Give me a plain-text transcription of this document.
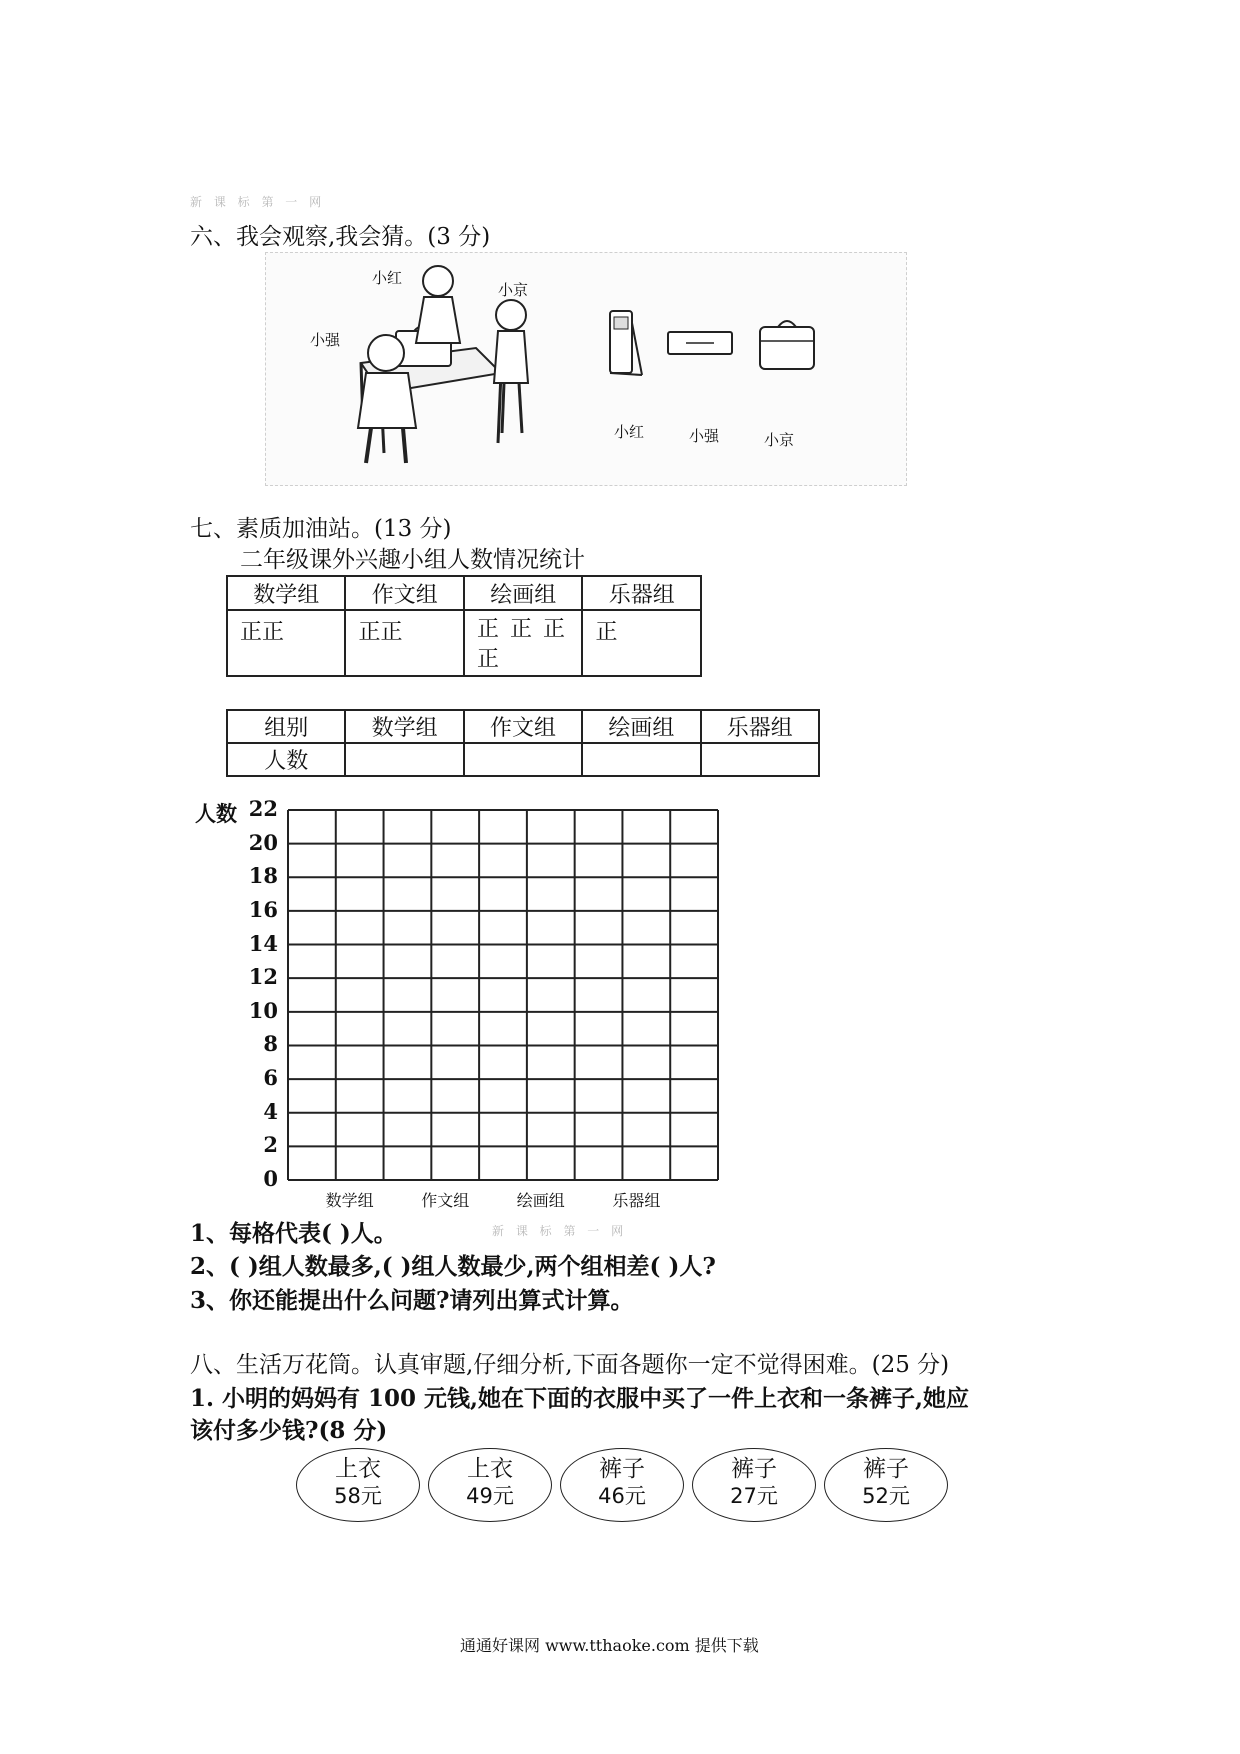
新 课 标 第 一 网
六、我会观察,我会猜。(3 分)
小红
小京
小强
小红	小强	小京
七、素质加油站。(13 分)
二年级课外兴趣小组人数情况统计
数学组	作文组	绘画组	乐器组
正正	正正	正 正 正 正	正
组别	数学组	作文组	绘画组	乐器组
人数				
人数
0
2
4
6
8
10
12
14
16
18
20
22
数学组	作文组	绘画组	乐器组
1、每格代表( )人。	新 课 标 第 一 网
2、( )组人数最多,( )组人数最少,两个组相差( )人?
3、你还能提出什么问题?请列出算式计算。
八、生活万花筒。认真审题,仔细分析,下面各题你一定不觉得困难。(25 分)
1. 小明的妈妈有 100 元钱,她在下面的衣服中买了一件上衣和一条裤子,她应
该付多少钱?(8 分)
上衣
58元
上衣
49元
裤子
46元
裤子
27元
裤子
52元
通通好课网 www.tthaoke.com 提供下载
